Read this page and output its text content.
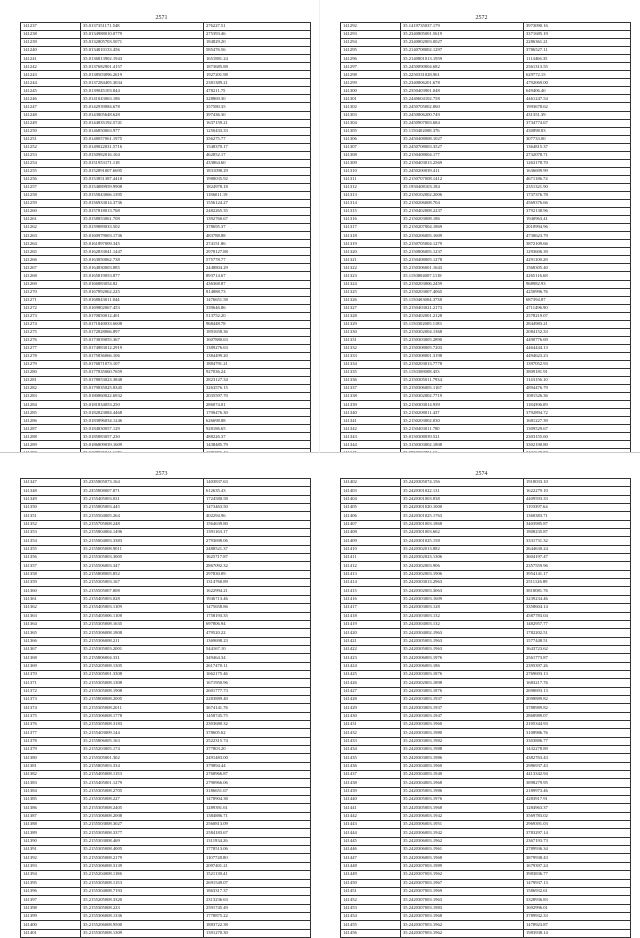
2571
141237	35.0137351171.548	276227.51
141238	35.0134988010.0779	275393.46
141239	35.0132805703.5071	184829.20
141240	35.0134810133.456	585476.56
141241	35.0136813902.1943	1651881.24
141242	35.0137682901.4157	1873685.88
141243	35.0138503096.2619	1927201.98
141244	35.0137284405.3034	2381389.21
141245	35.0139045103.844	478211.75
141246	35.0141043063.186	328869.30
141247	35.0142939084.678	357580.35
141248	35.0143805648.628	397436.30
141249	35.0144835192.5741	1637159.21
141250	35.0146850063.977	1250433.33
141251	35.0148057061.1975	356275.77
141252	35.0149022031.5716	1548370.17
141253	35.0150982016.104	462852.17
141254	35.0151953171.118	433864.60
141255	35.0152891007.6695	1831098.29
141256	35.0153851387.4410	1988035.92
141257	35.0154889959.9908	1824978.18
141258	35.0155843066.1395	1186011.19
141259	35.0156933014.3736	1556124.27
141260	35.0157818013.768	2482265.35
141261	35.0158853061.708	1392760.67
141262	35.0159889033.502	378695.37
141263	35.0160979003.1736	483788.88
141264	35.0161897009.345	274151.86
141265	35.0162833041.1447	2978127.88
141266	35.0163850062.738	575778.77
141267	35.0164830003.885	2448804.29
141268	35.0165819053.877	893714.67
141269	35.0166883054.82	436368.87
141270	35.0167892062.225	814888.73
141271	35.0168843011.044	1476651.58
141272	35.0169802067.453	339646.86
141273	35.0170850012.401	513752.20
141274	35.0171840033.6608	968448.78
141275	35.0172828066.897	1891658.36
141276	35.0173839055.367	1607880.63
141277	35.0174883012.2919	1389276.63
141278	35.0175836066.106	1384499.20
141279	35.0176871073.107	1884791.21
141280	35.0177835060.7659	927036.24
141281	35.0178853023.3848	2823127.34
141282	35.0179835025.8345	3263576.15
141283	35.0180860022.6932	2035597.70
141284	35.0181834053.250	286074.01
141285	35.0182823084.4468	1790476.30
141286	35.0183896034.1246	626698.88
141287	35.0184830057.129	928186.65
141288	35.0185883057.230	488226.37
141289	35.0186809039.1609	1438485.79

2572
141292	35.1419735037.179	3973090.16
141293	35.2340805001.5619	3371685.19
141294	35.2340802003.0027	2286361.21
141295	35.2140708002.1297	3786527.11
141296	35.2140801013.1959	1114466.35
141297	35.2450090004.682	2561313.55
141298	35.2250331028.961	629772.15
141299	35.2340806201.678	4792069.00
141300	35.2350403901.048	649406.40
141301	35.2440604102.758	4461247.54
141302	35.2450705002.860	1993678.62
141303	35.2450806200.749	431351.39
141304	35.2450907003.684	3734774.67
141305	35.1150402008.376	430898.83
141306	35.2450408008.1027	307733.00
141307	35.2450708003.3527	1364815.37
141308	35.2150408004.177	2732078.71
141309	35.2150403013.2569	1263178.70
141310	35.2450200039.411	1636699.99
141311	35.2150707008.1412	4671186.74
141312	35.1950408103.184	2351321.90
141313	35.2150102002.2006	1737376.78
141314	35.2150206008.704	4569376.66
141315	35.2150402008.2237	3792138.96
141316	35.2150203008.186	1940963.41
141317	35.2150207004.1869	2010994.96
141318	35.2150206005.1609	4730623.79
141319	35.2150705004.1279	3872109.66
141320	35.2150806005.1237	1293606.39
141321	35.2150408005.1278	4291100.28
141322	35.2150306001.1643	1568305.40
141323	35.1150804007.1118	4265116.68
141324	35.2150203006.2459	968982.93
141325	35.2150203007.4065	4250996.76
141326	35.1150403004.3738	687394.87
141327	35.2150403021.2173	4711496.90
141328	35.2150402001.2128	2578219.07
141329	35.1150302005.1183	2844983.21
141330	35.2150302004.1368	2084152.33
141331	35.2150303005.2890	4490776.69
141332	35.2150308005.7203	4464444.13
141333	35.2150308001.3198	4494623.23
141334	35.2150203013.7778	1397052.93
141335	35.1150308008.453	3809181.91
141336	35.2150305011.7934	1143156.10
141337	35.2150306005.1167	4894476.79
141338	35.2150302002.7719	1081526.36
141339	35.2150303014.939	1184396.09
141340	35.2150208011.437	3792894.72
141341	35.2150203002.030	1681227.39
141342	35.2150403011.780	1309529.67
141343	35.0150308039.521	2303155.60
141344	35.3150303002.1808	3302190.80

2573
141347	35.2355805073.164	1403837.63
141348	35.2355808007.871	612635.43
141349	35.2155405003.031	1724580.58
141350	35.2155805003.445	1473463.50
141351	35.2155504005.264	402294.96
141352	35.2155705008.248	1564639.80
141353	35.2155804004.1496	1391163.17
141354	35.2155004003.3383	2793698.06
141355	35.2155005008.9011	2488521.37
141356	35.2155305003.3005	1625717.87
141357	35.2155506003.347	2867092.32
141358	35.2155808005.852	297830.09
141359	35.2155305003.167	1314760.89
141360	35.2155505007.808	1622994.21
141361	35.2155405003.028	1946713.46
141362	35.2155405003.1109	1475658.86
141363	35.2155405006.1108	1758193.35
141364	35.2155305008.1635	697806.94
141365	35.2155306008.1808	479520.22
141366	35.2155306008.211	1369698.23
141367	35.2155305003.2001	544167.10
141368	35.2155806004.331	349464.34
141369	35.2155205008.1305	2617470.11
141370	35.2155305001.3308	1662175.46
141371	35.2155305008.1308	1671950.96
141372	35.2155305008.1908	2601777.73
141373	35.2155808008.2005	2283889.40
141374	35.2155305008.2011	3674141.76
141375	35.2155306008.1778	1458745.75
141376	35.2155305008.3183	2303680.32
141377	35.2155403009.144	378605.62
141378	35.2155806005.163	2522315.74
141379	35.2155203005.174	377803.20
141380	35.2155505001.302	2491483.00
141381	35.2155805003.334	379894.44
141382	35.2155405008.1153	2768966.87
141383	35.2155405001.1279	2790966.06
141384	35.2155305008.2705	3186651.67
141385	35.2155305008.227	1478904.38
141386	35.2155305008.2405	1289391.61
141387	35.2155306008.2008	1384886.71
141388	35.2155503008.3027	2560813.09
141389	35.2155305008.3377	2584183.67
141390	35.2155303008.469	1311934.26
141391	35.2155305008.4005	1778513.06
141392	35.2155305008.2179	1107728.80
141393	35.2155306008.3139	2097401.21
141394	35.2155204008.1186	1521139.41
141395	35.2155305008.1153	2691549.07
141396	35.2155304008.7193	1863317.37
141397	35.2155205008.3320	2313236.63
141398	35.2155305008.223	2591745.49
141399	35.2155306008.1336	1778875.22
141400	35.2155206008.9500	1883722.38
141401	35.2155305008.1309	1391270.30
2574
141402	35.2420305074.156	1918033.10
141403	35.2420301022.131	1622279.10
141404	35.2420301003.838	4409593.33
141405	35.2420301020.1000	1193397.64
141406	35.2420301025.1763	1368383.71
141407	35.2420301003.1868	3403985.87
141408	35.2420301003.662	1808235.87
141409	35.2420301025.158	3331731.32
141410	35.2420302013.882	2644630.24
141411	35.2420302023.1306	3604197.47
141412	35.2420302003.906	2357559.96
141413	35.2420302003.1906	3954141.17
141414	35.2420303013.2963	2511126.89
141415	35.2420302003.3063	3818081.76
141416	35.2420303003.1609	3239234.46
141417	35.2420303003.128	3358604.14
141418	35.2420303003.132	4587783.04
141419	35.2420304003.132	1482957.77
141420	35.2420304002.1963	1782202.51
141421	35.2420305003.1963	1577448.51
141422	35.2420305003.1963	1643723.62
141423	35.2420306003.1976	2561773.87
141424	35.2420306003.186	2395397.26
141425	35.2420303003.1876	2769693.13
141426	35.2420302003.1898	1683217.76
141427	35.2420303003.1876	2698693.13
141428	35.2420303003.1937	2098889.82
141429	35.2420303003.1937	3788989.82
141430	35.2420303003.1947	2868989.07
141431	35.2420303003.1960	2105344.93
141432	35.2420303003.1980	3108986.76
141433	35.2420303003.1982	3303886.77
141434	35.2420303003.1988	1432278.89
141435	35.2420303003.1986	4382763.43
141436	35.2420304003.1960	2986937.43
141437	35.2420304003.1940	4413342.94
141438	35.2420304003.1968	3898279.95
141439	35.2420305003.1986	2189973.46
141440	35.2420305003.1976	4283917.91
141441	35.2420305003.1968	1284963.37
141442	35.2420306003.1942	3569783.02
141443	35.2420306003.1951	2969391.03
141444	35.2420306003.1942	3783297.14
141445	35.2420306003.1962	2367193.73
141446	35.2420306003.1961	2789936.34
141447	35.2420306003.1968	3879938.43
141448	35.2420307003.1989	1679397.24
141449	35.2420307003.1962	3983836.77
141450	35.2420307003.1967	1479937.13
141451	35.2420307003.1969	1586932.61
141452	35.2420307003.1963	3328936.83
141453	35.2420307003.1983	1692996.01
141454	35.2420307003.1968	3789932.33
141455	35.2420307003.1962	1478923.87
141456	35.2420307003.1962	1983938.14
